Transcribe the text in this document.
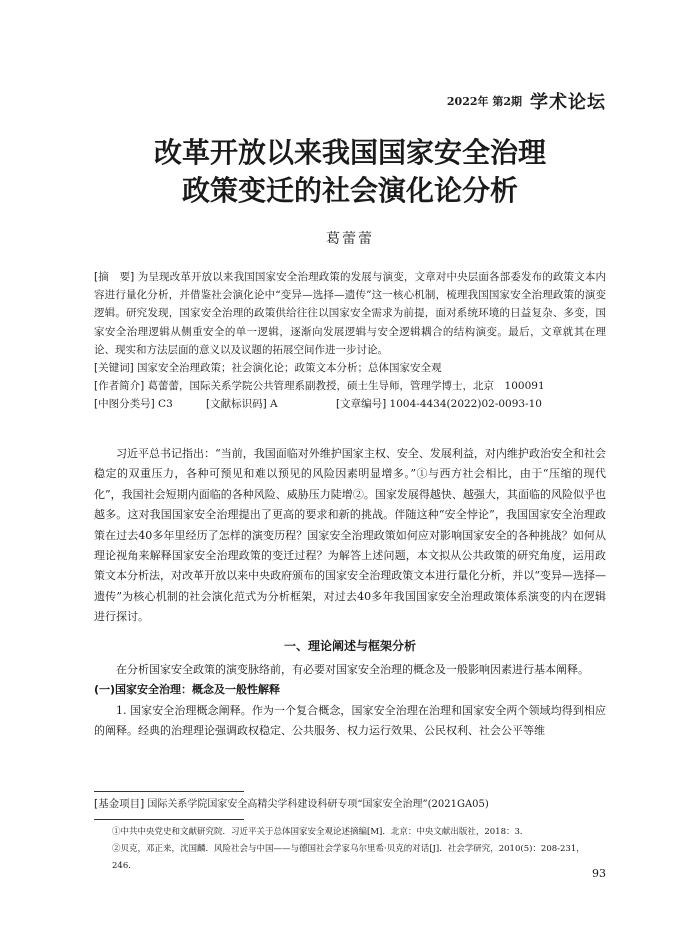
2022年 第2期 学术论坛
改革开放以来我国国家安全治理
政策变迁的社会演化论分析
葛蕾蕾
[摘　要] 为呈现改革开放以来我国国家安全治理政策的发展与演变，文章对中央层面各部委发布的政策文本内容进行量化分析，并借鉴社会演化论中“变异—选择—遗传”这一核心机制，梳理我国国家安全治理政策的演变逻辑。研究发现，国家安全治理的政策供给往往以国家安全需求为前提，面对系统环境的日益复杂、多变，国家安全治理逻辑从侧重安全的单一逻辑，逐渐向发展逻辑与安全逻辑耦合的结构演变。最后，文章就其在理论、现实和方法层面的意义以及议题的拓展空间作进一步讨论。
[关键词] 国家安全治理政策；社会演化论；政策文本分析；总体国家安全观
[作者简介] 葛蕾蕾，国际关系学院公共管理系副教授，硕士生导师，管理学博士，北京　100091
[中图分类号] C3	[文献标识码] A	[文章编号] 1004-4434(2022)02-0093-10

习近平总书记指出：“当前，我国面临对外维护国家主权、安全、发展利益，对内维护政治安全和社会稳定的双重压力，各种可预见和难以预见的风险因素明显增多。”①与西方社会相比，由于“压缩的现代化”，我国社会短期内面临的各种风险、威胁压力陡增②。国家发展得越快、越强大，其面临的风险似乎也越多。这对我国国家安全治理提出了更高的要求和新的挑战。伴随这种“安全悖论”，我国国家安全治理政策在过去40多年里经历了怎样的演变历程？国家安全治理政策如何应对影响国家安全的各种挑战？如何从理论视角来解释国家安全治理政策的变迁过程？为解答上述问题，本文拟从公共政策的研究角度，运用政策文本分析法，对改革开放以来中央政府颁布的国家安全治理政策文本进行量化分析，并以“变异—选择—遗传”为核心机制的社会演化范式为分析框架，对过去40多年我国国家安全治理政策体系演变的内在逻辑进行探讨。

一、理论阐述与框架分析

在分析国家安全政策的演变脉络前，有必要对国家安全治理的概念及一般影响因素进行基本阐释。

(一)国家安全治理：概念及一般性解释

1. 国家安全治理概念阐释。作为一个复合概念，国家安全治理在治理和国家安全两个领域均得到相应的阐释。经典的治理理论强调政权稳定、公共服务、权力运行效果、公民权利、社会公平等维

[基金项目] 国际关系学院国家安全高精尖学科建设科研专项“国家安全治理”(2021GA05)
①中共中央党史和文献研究院．习近平关于总体国家安全观论述摘编[M]．北京：中央文献出版社，2018：3．
②贝克，邓正来，沈国麟．风险社会与中国——与德国社会学家乌尔里希·贝克的对话[J]．社会学研究，2010(5)：208-231，246．
93
